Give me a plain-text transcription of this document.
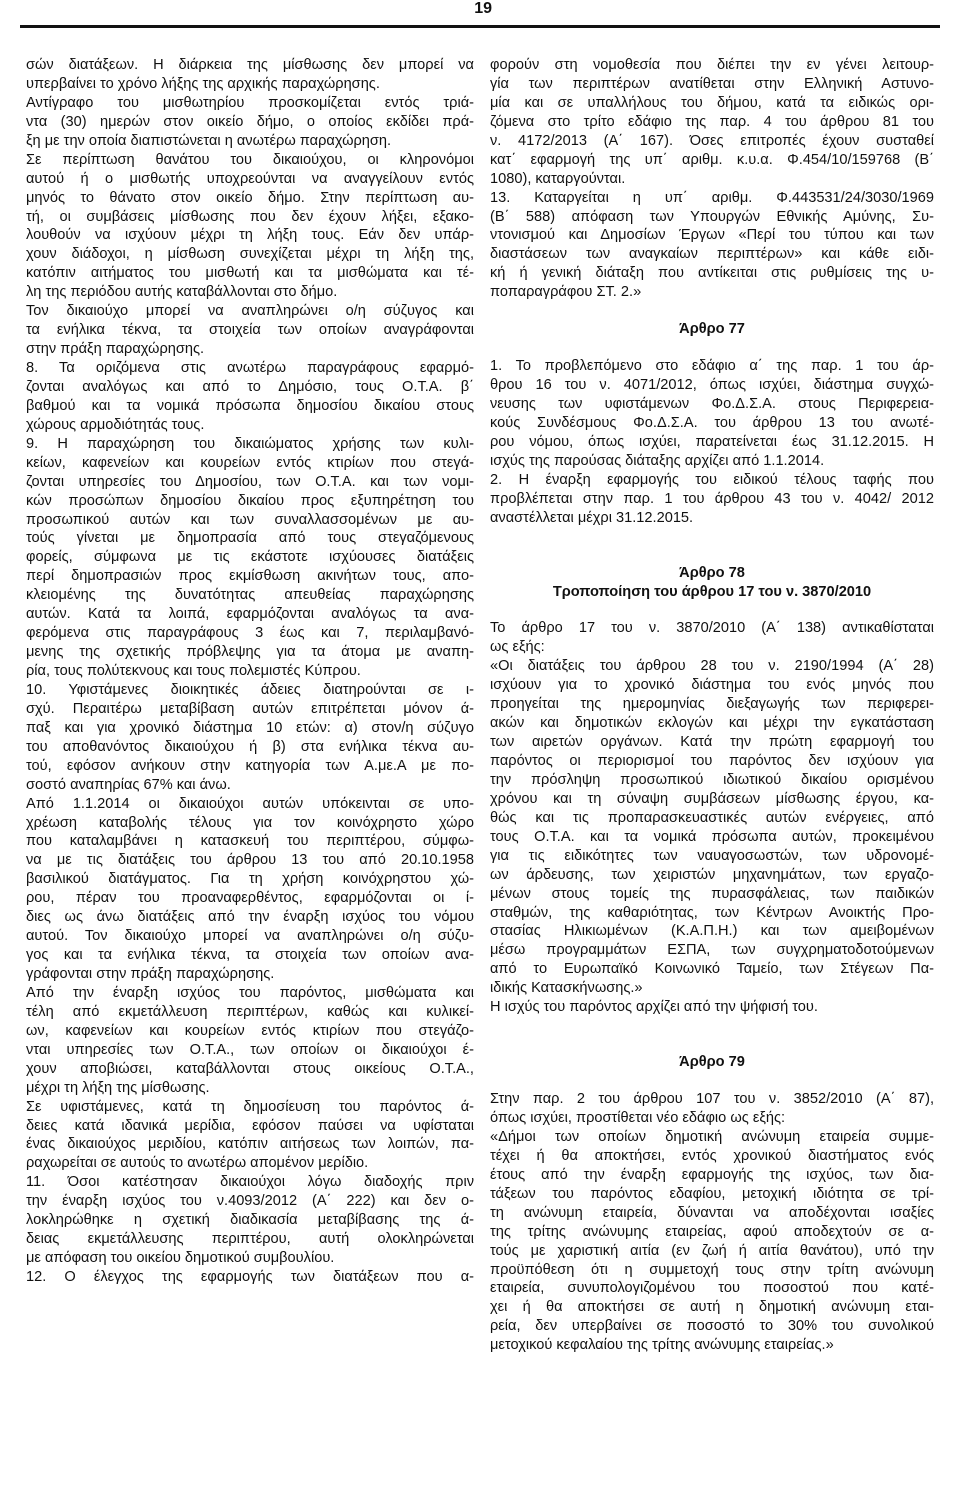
19
σών διατάξεων. Η διάρκεια της μίσθωσης δεν μπορεί να
υπερβαίνει το χρόνο λήξης της αρχικής παραχώρησης.
Αντίγραφο του μισθωτηρίου προσκομίζεται εντός τριά-
ντα (30) ημερών στον οικείο δήμο, ο οποίος εκδίδει πρά-
ξη με την οποία διαπιστώνεται η ανωτέρω παραχώρηση.
Σε περίπτωση θανάτου του δικαιούχου, οι κληρονόμοι
αυτού ή ο μισθωτής υποχρεούνται να αναγγείλουν εντός
μηνός το θάνατο στον οικείο δήμο. Στην περίπτωση αυ-
τή, οι συμβάσεις μίσθωσης που δεν έχουν λήξει, εξακο-
λουθούν να ισχύουν μέχρι τη λήξη τους. Εάν δεν υπάρ-
χουν διάδοχοι, η μίσθωση συνεχίζεται μέχρι τη λήξη της,
κατόπιν αιτήματος του μισθωτή και τα μισθώματα και τέ-
λη της περιόδου αυτής καταβάλλονται στο δήμο.
Τον δικαιούχο μπορεί να αναπληρώνει ο/η σύζυγος και
τα ενήλικα τέκνα, τα στοιχεία των οποίων αναγράφονται
στην πράξη παραχώρησης.
8. Τα οριζόμενα στις ανωτέρω παραγράφους εφαρμό-
ζονται αναλόγως και από το Δημόσιο, τους Ο.Τ.Α. β΄
βαθμού και τα νομικά πρόσωπα δημοσίου δικαίου στους
χώρους αρμοδιότητάς τους.
9. Η παραχώρηση του δικαιώματος χρήσης των κυλι-
κείων, καφενείων και κουρείων εντός κτιρίων που στεγά-
ζονται υπηρεσίες του Δημοσίου, των Ο.Τ.Α. και των νομι-
κών προσώπων δημοσίου δικαίου προς εξυπηρέτηση του
προσωπικού αυτών και των συναλλασσομένων με αυ-
τούς γίνεται με δημοπρασία από τους στεγαζόμενους
φορείς, σύμφωνα με τις εκάστοτε ισχύουσες διατάξεις
περί δημοπρασιών προς εκμίσθωση ακινήτων τους, απο-
κλειομένης της δυνατότητας απευθείας παραχώρησης
αυτών. Κατά τα λοιπά, εφαρμόζονται αναλόγως τα ανα-
φερόμενα στις παραγράφους 3 έως και 7, περιλαμβανό-
μενης της σχετικής πρόβλεψης για τα άτομα με αναπη-
ρία, τους πολύτεκνους και τους πολεμιστές Κύπρου.
10. Υφιστάμενες διοικητικές άδειες διατηρούνται σε ι-
σχύ. Περαιτέρω μεταβίβαση αυτών επιτρέπεται μόνον ά-
παξ και για χρονικό διάστημα 10 ετών: α) στον/η σύζυγο
του αποθανόντος δικαιούχου ή β) στα ενήλικα τέκνα αυ-
τού, εφόσον ανήκουν στην κατηγορία των Α.με.Α με πο-
σοστό αναπηρίας 67% και άνω.
Από 1.1.2014 οι δικαιούχοι αυτών υπόκεινται σε υπο-
χρέωση καταβολής τέλους για τον κοινόχρηστο χώρο
που καταλαμβάνει η κατασκευή του περιπτέρου, σύμφω-
να με τις διατάξεις του άρθρου 13 του από 20.10.1958
βασιλικού διατάγματος. Για τη χρήση κοινόχρηστου χώ-
ρου, πέραν του προαναφερθέντος, εφαρμόζονται οι ί-
διες ως άνω διατάξεις από την έναρξη ισχύος του νόμου
αυτού. Τον δικαιούχο μπορεί να αναπληρώνει ο/η σύζυ-
γος και τα ενήλικα τέκνα, τα στοιχεία των οποίων ανα-
γράφονται στην πράξη παραχώρησης.
Από την έναρξη ισχύος του παρόντος, μισθώματα και
τέλη από εκμετάλλευση περιπτέρων, καθώς και κυλικεί-
ων, καφενείων και κουρείων εντός κτιρίων που στεγάζο-
νται υπηρεσίες των Ο.Τ.Α., των οποίων οι δικαιούχοι έ-
χουν αποβιώσει, καταβάλλονται στους οικείους Ο.Τ.Α.,
μέχρι τη λήξη της μίσθωσης.
Σε υφιστάμενες, κατά τη δημοσίευση του παρόντος ά-
δειες κατά ιδανικά μερίδια, εφόσον παύσει να υφίσταται
ένας δικαιούχος μεριδίου, κατόπιν αιτήσεως των λοιπών, πα-
ραχωρείται σε αυτούς το ανωτέρω απομένον μερίδιο.
11. Όσοι κατέστησαν δικαιούχοι λόγω διαδοχής πριν
την έναρξη ισχύος του ν.4093/2012 (Α΄ 222) και δεν ο-
λοκληρώθηκε η σχετική διαδικασία μεταβίβασης της ά-
δειας εκμετάλλευσης περιπτέρου, αυτή ολοκληρώνεται
με απόφαση του οικείου δημοτικού συμβουλίου.
12. Ο έλεγχος της εφαρμογής των διατάξεων που α-
φορούν στη νομοθεσία που διέπει την εν γένει λειτουρ-
γία των περιπτέρων ανατίθεται στην Ελληνική Αστυνο-
μία και σε υπαλλήλους του δήμου, κατά τα ειδικώς ορι-
ζόμενα στο τρίτο εδάφιο της παρ. 4 του άρθρου 81 του
ν. 4172/2013 (Α΄ 167). Όσες επιτροπές έχουν συσταθεί
κατ΄ εφαρμογή της υπ΄ αριθμ. κ.υ.α. Φ.454/10/159768 (Β΄
1080), καταργούνται.
13. Καταργείται η υπ΄ αριθμ. Φ.443531/24/3030/1969
(Β΄ 588) απόφαση των Υπουργών Εθνικής Αμύνης, Συ-
ντονισμού και Δημοσίων Έργων «Περί του τύπου και των
διαστάσεων των αναγκαίων περιπτέρων» και κάθε ειδι-
κή ή γενική διάταξη που αντίκειται στις ρυθμίσεις της υ-
ποπαραγράφου ΣΤ. 2.»
Άρθρο 77
1. Το προβλεπόμενο στο εδάφιο α΄ της παρ. 1 του άρ-
θρου 16 του ν. 4071/2012, όπως ισχύει, διάστημα συγχώ-
νευσης των υφιστάμενων Φο.Δ.Σ.Α. στους Περιφερεια-
κούς Συνδέσμους Φο.Δ.Σ.Α. του άρθρου 13 του ανωτέ-
ρου νόμου, όπως ισχύει, παρατείνεται έως 31.12.2015. Η
ισχύς της παρούσας διάταξης αρχίζει από 1.1.2014.
2. Η έναρξη εφαρμογής του ειδικού τέλους ταφής που
προβλέπεται στην παρ. 1 του άρθρου 43 του ν. 4042/ 2012
αναστέλλεται μέχρι 31.12.2015.
Άρθρο 78
Τροποποίηση του άρθρου 17 του ν. 3870/2010
Το άρθρο 17 του ν. 3870/2010 (Α΄ 138) αντικαθίσταται
ως εξής:
«Οι διατάξεις του άρθρου 28 του ν. 2190/1994 (Α΄ 28)
ισχύουν για το χρονικό διάστημα του ενός μηνός που
προηγείται της ημερομηνίας διεξαγωγής των περιφερει-
ακών και δημοτικών εκλογών και μέχρι την εγκατάσταση
των αιρετών οργάνων. Κατά την πρώτη εφαρμογή του
παρόντος οι περιορισμοί του παρόντος δεν ισχύουν για
την πρόσληψη προσωπικού ιδιωτικού δικαίου ορισμένου
χρόνου και τη σύναψη συμβάσεων μίσθωσης έργου, κα-
θώς και τις προπαρασκευαστικές αυτών ενέργειες, από
τους Ο.Τ.Α. και τα νομικά πρόσωπα αυτών, προκειμένου
για τις ειδικότητες των ναυαγοσωστών, των υδρονομέ-
ων άρδευσης, των χειριστών μηχανημάτων, των εργαζο-
μένων στους τομείς της πυρασφάλειας, των παιδικών
σταθμών, της καθαριότητας, των Κέντρων Ανοικτής Προ-
στασίας Ηλικιωμένων (Κ.Α.Π.Η.) και των αμειβομένων
μέσω προγραμμάτων ΕΣΠΑ, των συγχρηματοδοτούμενων
από το Ευρωπαϊκό Κοινωνικό Ταμείο, των Στέγεων Πα-
ιδικής Κατασκήνωσης.»
Η ισχύς του παρόντος αρχίζει από την ψήφισή του.
Άρθρο 79
Στην παρ. 2 του άρθρου 107 του ν. 3852/2010 (Α΄ 87),
όπως ισχύει, προστίθεται νέο εδάφιο ως εξής:
«Δήμοι των οποίων δημοτική ανώνυμη εταιρεία συμμε-
τέχει ή θα αποκτήσει, εντός χρονικού διαστήματος ενός
έτους από την έναρξη εφαρμογής της ισχύος, των δια-
τάξεων του παρόντος εδαφίου, μετοχική ιδιότητα σε τρί-
τη ανώνυμη εταιρεία, δύνανται να αποδέχονται ισαξίες
της τρίτης ανώνυμης εταιρείας, αφού αποδεχτούν σε α-
τούς με χαριστική αιτία (εν ζωή ή αιτία θανάτου), υπό την
προϋπόθεση ότι η συμμετοχή τους στην τρίτη ανώνυμη
εταιρεία, συνυπολογιζομένου του ποσοστού που κατέ-
χει ή θα αποκτήσει σε αυτή η δημοτική ανώνυμη εται-
ρεία, δεν υπερβαίνει σε ποσοστό το 30% του συνολικού
μετοχικού κεφαλαίου της τρίτης ανώνυμης εταιρείας.»
